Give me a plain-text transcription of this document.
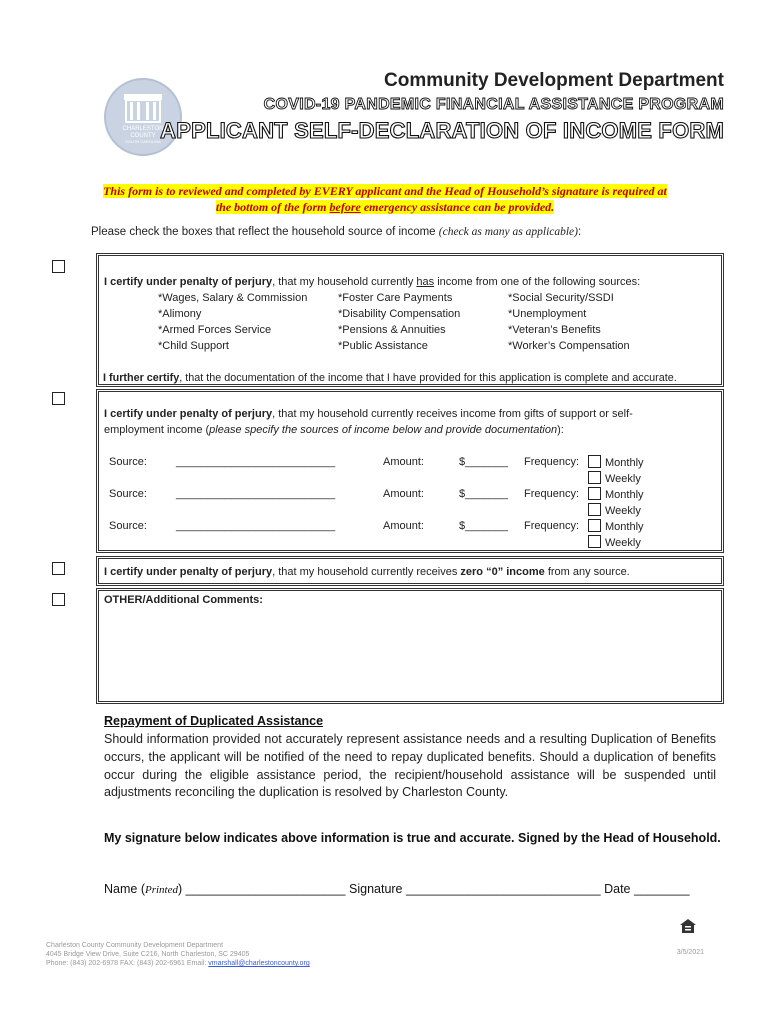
CHARLESTON
COUNTY
SOUTH CAROLINA
Community Development Department
COVID-19 PANDEMIC FINANCIAL ASSISTANCE PROGRAM
APPLICANT SELF-DECLARATION OF INCOME FORM
This form is to reviewed and completed by EVERY applicant and the Head of Household’s signature is required at
the bottom of the form before emergency assistance can be provided.
Please check the boxes that reflect the household source of income (check as many as applicable):
I certify under penalty of perjury, that my household currently has income from one of the following sources:
*Wages, Salary & Commission	*Foster Care Payments	*Social Security/SSDI
*Alimony	*Disability Compensation	*Unemployment
*Armed Forces Service	*Pensions & Annuities	*Veteran’s Benefits
*Child Support	*Public Assistance	*Worker’s Compensation
I further certify, that the documentation of the income that I have provided for this application is complete and accurate.
I certify under penalty of perjury, that my household currently receives income from gifts of support or self-
employment income (please specify the sources of income below and provide documentation):
Source:	__________________________	Amount:	$_______ Frequency:	Monthly
Weekly
Source:	__________________________	Amount:	$_______ Frequency:	Monthly
Weekly
Source:	__________________________	Amount:	$_______ Frequency:	Monthly
Weekly
I certify under penalty of perjury, that my household currently receives zero “0” income from any source.
OTHER/Additional Comments:
Repayment of Duplicated Assistance
Should information provided not accurately represent assistance needs and a resulting Duplication of Benefits occurs, the applicant will be notified of the need to repay duplicated benefits. Should a duplication of benefits occur during the eligible assistance period, the recipient/household assistance will be suspended until adjustments reconciling the duplication is resolved by Charleston County.
My signature below indicates above information is true and accurate. Signed by the Head of Household.
Name (Printed) _______________________ Signature ____________________________ Date ________
Charleston County Community Development Department
4045 Bridge View Drive, Suite C216, North Charleston, SC 29405
Phone: (843) 202-6978 FAX: (843) 202-6961 Email: vmarshall@charlestoncounty.org
3/5/2021
